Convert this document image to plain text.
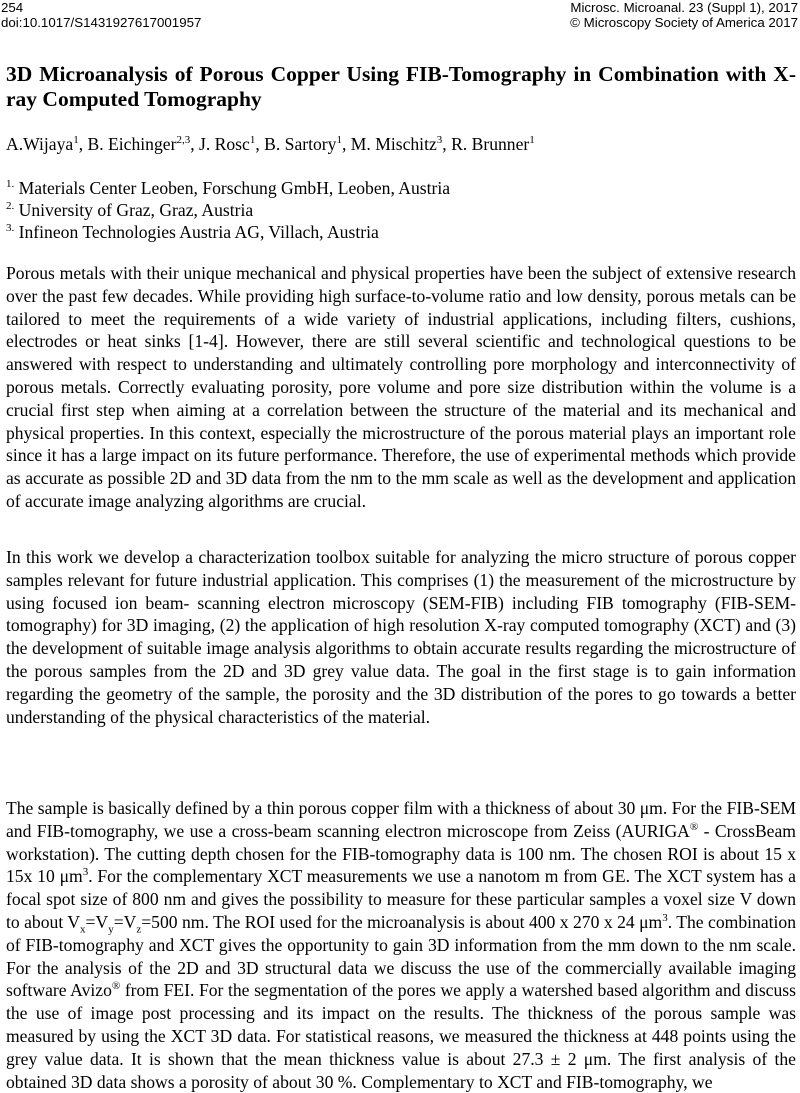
254
doi:10.1017/S1431927617001957
Microsc. Microanal. 23 (Suppl 1), 2017
© Microscopy Society of America 2017
3D Microanalysis of Porous Copper Using FIB-Tomography in Combination with X-ray Computed Tomography
A.Wijaya$^1$, B. Eichinger$^{2,3}$, J. Rosc$^1$, B. Sartory$^1$, M. Mischitz$^3$, R. Brunner$^1$
$^{1.}$ Materials Center Leoben, Forschung GmbH, Leoben, Austria
$^{2.}$ University of Graz, Graz, Austria
$^{3.}$ Infineon Technologies Austria AG, Villach, Austria
Porous metals with their unique mechanical and physical properties have been the subject of extensive research over the past few decades. While providing high surface-to-volume ratio and low density, porous metals can be tailored to meet the requirements of a wide variety of industrial applications, including filters, cushions, electrodes or heat sinks [1-4]. However, there are still several scientific and technological questions to be answered with respect to understanding and ultimately controlling pore morphology and interconnectivity of porous metals. Correctly evaluating porosity, pore volume and pore size distribution within the volume is a crucial first step when aiming at a correlation between the structure of the material and its mechanical and physical properties. In this context, especially the microstructure of the porous material plays an important role since it has a large impact on its future performance. Therefore, the use of experimental methods which provide as accurate as possible 2D and 3D data from the nm to the mm scale as well as the development and application of accurate image analyzing algorithms are crucial.
In this work we develop a characterization toolbox suitable for analyzing the micro structure of porous copper samples relevant for future industrial application. This comprises (1) the measurement of the microstructure by using focused ion beam- scanning electron microscopy (SEM-FIB) including FIB tomography (FIB-SEM-tomography) for 3D imaging, (2) the application of high resolution X-ray computed tomography (XCT) and (3) the development of suitable image analysis algorithms to obtain accurate results regarding the microstructure of the porous samples from the 2D and 3D grey value data. The goal in the first stage is to gain information regarding the geometry of the sample, the porosity and the 3D distribution of the pores to go towards a better understanding of the physical characteristics of the material.
The sample is basically defined by a thin porous copper film with a thickness of about 30 μm. For the FIB-SEM and FIB-tomography, we use a cross-beam scanning electron microscope from Zeiss (AURIGA® - CrossBeam workstation). The cutting depth chosen for the FIB-tomography data is 100 nm. The chosen ROI is about 15 x 15x 10 $\mu m^3$. For the complementary XCT measurements we use a nanotom m from GE. The XCT system has a focal spot size of 800 nm and gives the possibility to measure for these particular samples a voxel size V down to about $V_x=V_y=V_z=500$ nm. The ROI used for the microanalysis is about 400 x 270 x 24 $\mu m^3$. The combination of FIB-tomography and XCT gives the opportunity to gain 3D information from the mm down to the nm scale. For the analysis of the 2D and 3D structural data we discuss the use of the commercially available imaging software Avizo® from FEI. For the segmentation of the pores we apply a watershed based algorithm and discuss the use of image post processing and its impact on the results. The thickness of the porous sample was measured by using the XCT 3D data. For statistical reasons, we measured the thickness at 448 points using the grey value data. It is shown that the mean thickness value is about 27.3 ± 2 μm. The first analysis of the obtained 3D data shows a porosity of about 30 %. Complementary to XCT and FIB-tomography, we
